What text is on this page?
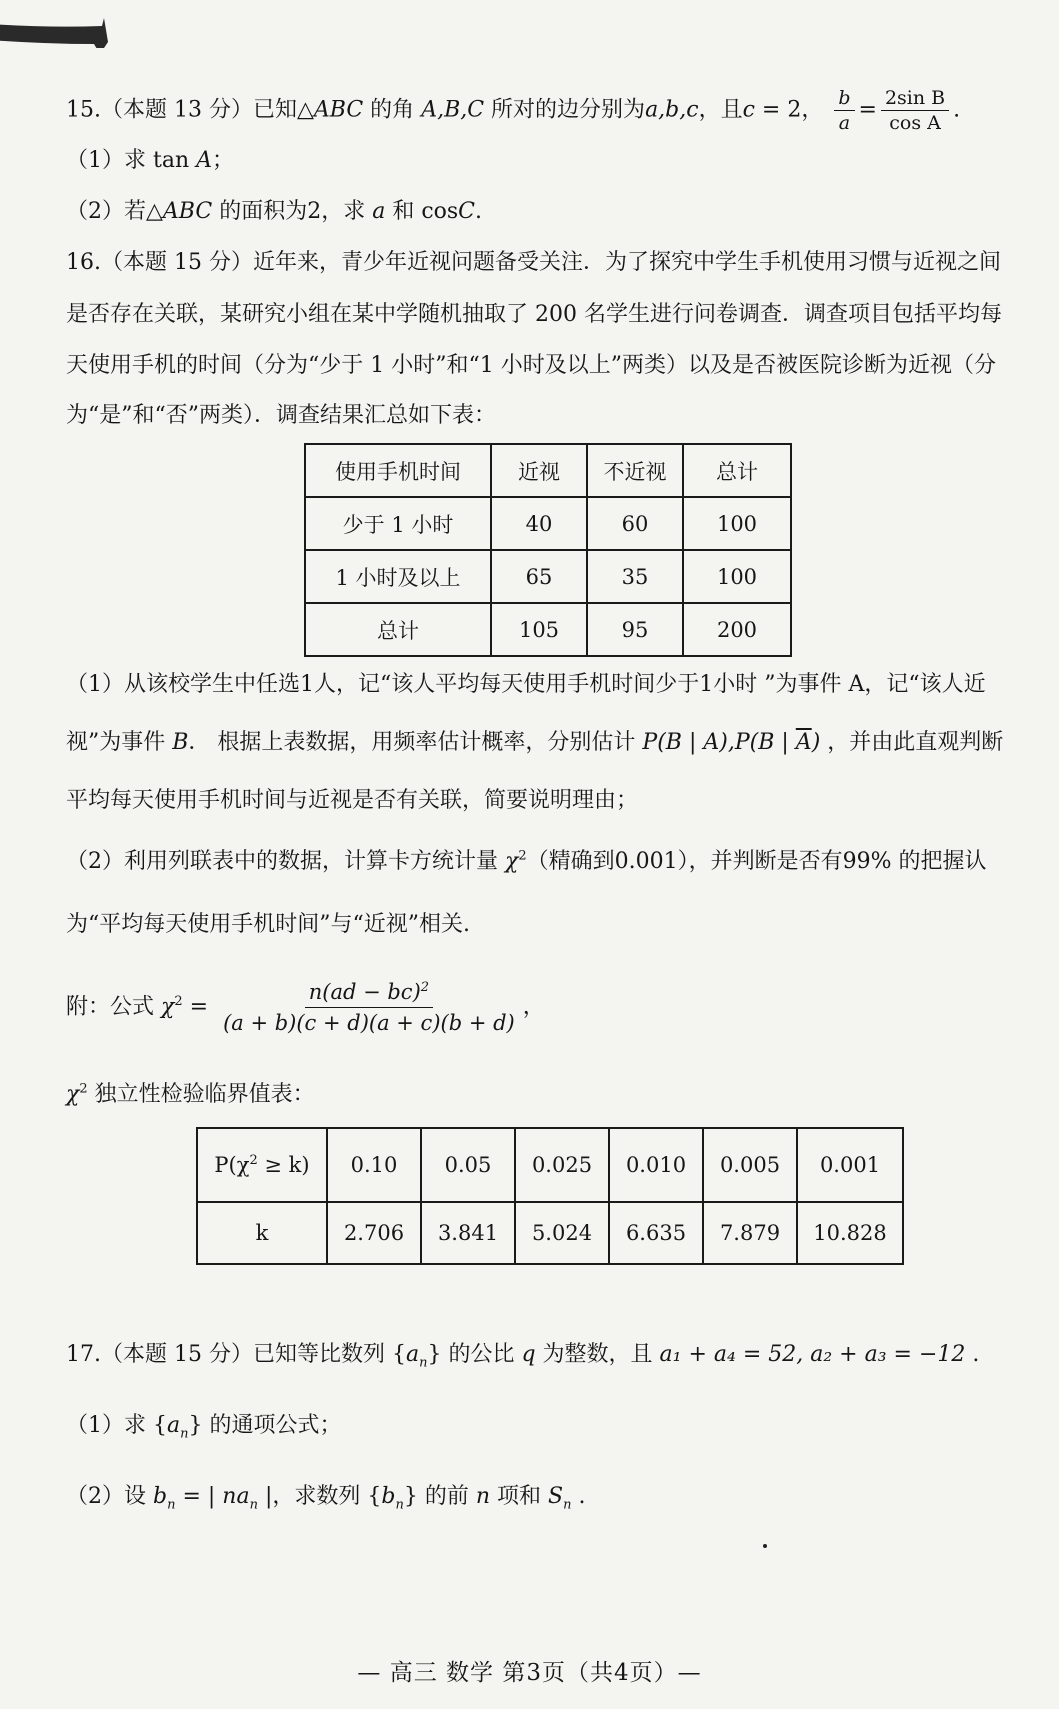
15.（本题 13 分）已知△ABC 的角 A,B,C 所对的边分别为a,b,c，且c = 2， $\frac{b}{a} = \frac{\text{2sin B}}{\text{cos A}}$ .
（1）求 tan A；
（2）若△ABC 的面积为2，求 a 和 cosC.
16.（本题 15 分）近年来，青少年近视问题备受关注．为了探究中学生手机使用习惯与近视之间
是否存在关联，某研究小组在某中学随机抽取了 200 名学生进行问卷调查．调查项目包括平均每
天使用手机的时间（分为“少于 1 小时”和“1 小时及以上”两类）以及是否被医院诊断为近视（分
为“是”和“否”两类）．调查结果汇总如下表：
使用手机时间	近视	不近视	总计
少于 1 小时	40	60	100
1 小时及以上	65	35	100
总计	105	95	200
（1）从该校学生中任选1人，记“该人平均每天使用手机时间少于1小时 ”为事件 A，记“该人近
视”为事件 B． 根据上表数据，用频率估计概率，分别估计 P(B | A),P(B | $\overline{A}$) ，并由此直观判断
平均每天使用手机时间与近视是否有关联，简要说明理由；
（2）利用列联表中的数据，计算卡方统计量 $\chi^2$（精确到0.001），并判断是否有99% 的把握认
为“平均每天使用手机时间”与“近视”相关.
附：公式 $\chi^2 = \frac{n(ad - bc)^2}{(a + b)(c + d)(a + c)(b + d)}$ ，
$\chi^2$ 独立性检验临界值表：
$P(\chi^2 \ge k)$	0.10	0.05	0.025	0.010	0.005	0.001
k	2.706	3.841	5.024	6.635	7.879	10.828
17.（本题 15 分）已知等比数列 $\{a_n\}$ 的公比 q 为整数，且 a₁ + a₄ = 52, a₂ + a₃ = −12 .
（1）求 $\{a_n\}$ 的通项公式；
（2）设 $b_n$ = | $na_n$ |，求数列 $\{b_n\}$ 的前 n 项和 $S_n$ .
— 高三 数学 第3页（共4页）—
